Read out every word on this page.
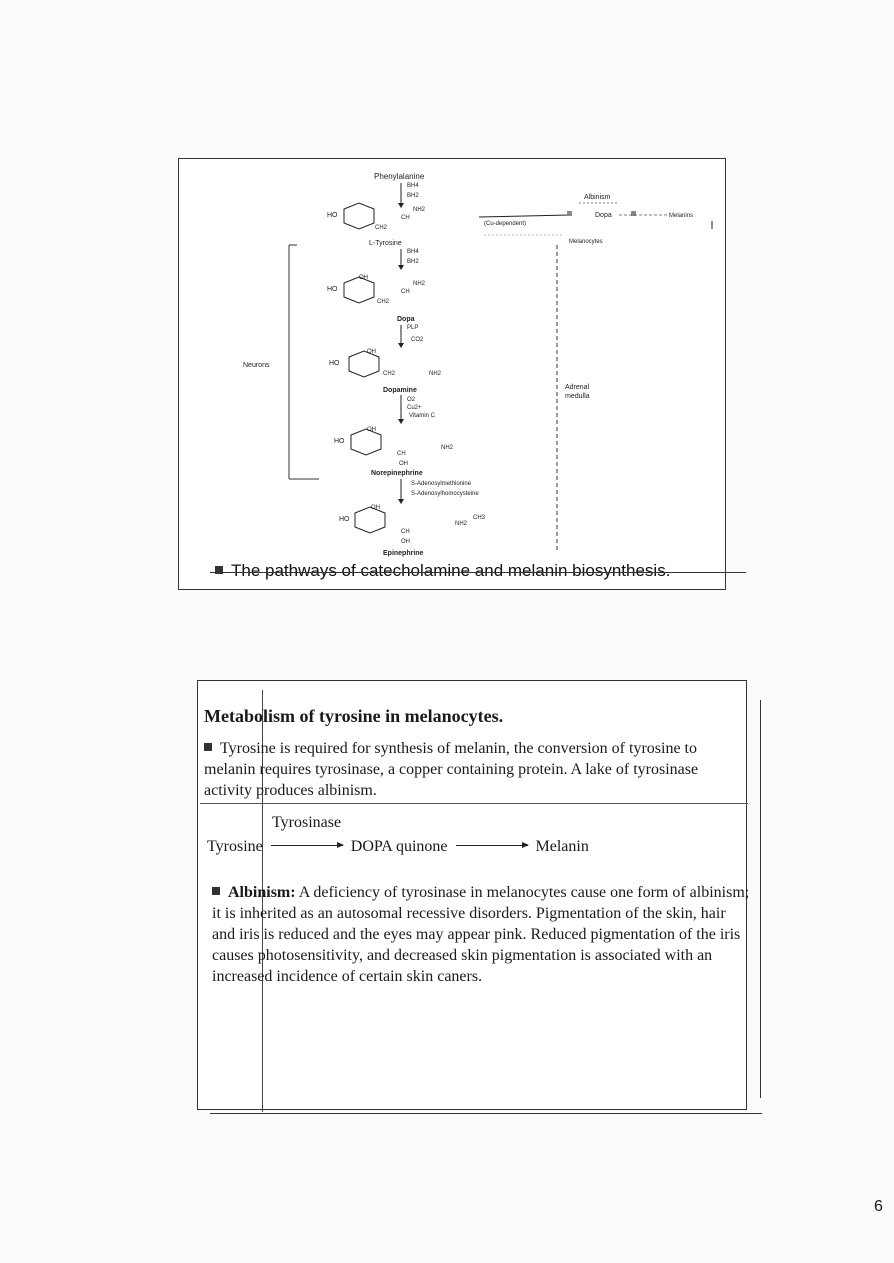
Phenylalanine
BH4
BH2
HO
CH2
CH
NH2
(Cu-dependent)
Albinism
Dopa	Melanins
Melanocytes
L-Tyrosine
BH4
BH2
OH
HO
CH2
CH
NH2
Dopa
PLP
CO2
OH
HO
CH2	NH2
Dopamine
O2
Cu2+
Vitamin C
OH
HO
CH
NH2
OH
Norepinephrine
S-Adenosylmethionine
S-Adenosylhomocysteine
OH
HO
CH
NH2
CH3
OH
Epinephrine
Neurons
Adrenal
medulla
The pathways of catecholamine and melanin biosynthesis.
Metabolism of tyrosine in melanocytes.
Tyrosine is required for synthesis of melanin, the conversion of tyrosine to melanin requires tyrosinase, a copper containing protein. A lake of tyrosinase activity produces albinism.
Tyrosinase
Tyrosine	DOPA quinone	Melanin
Albinism: A deficiency of tyrosinase in melanocytes cause one form of albinism; it is inherited as an autosomal recessive disorders. Pigmentation of the skin, hair and iris is reduced and the eyes may appear pink. Reduced pigmentation of the iris causes photosensitivity, and decreased skin pigmentation is associated with an increased incidence of certain skin caners.
6
